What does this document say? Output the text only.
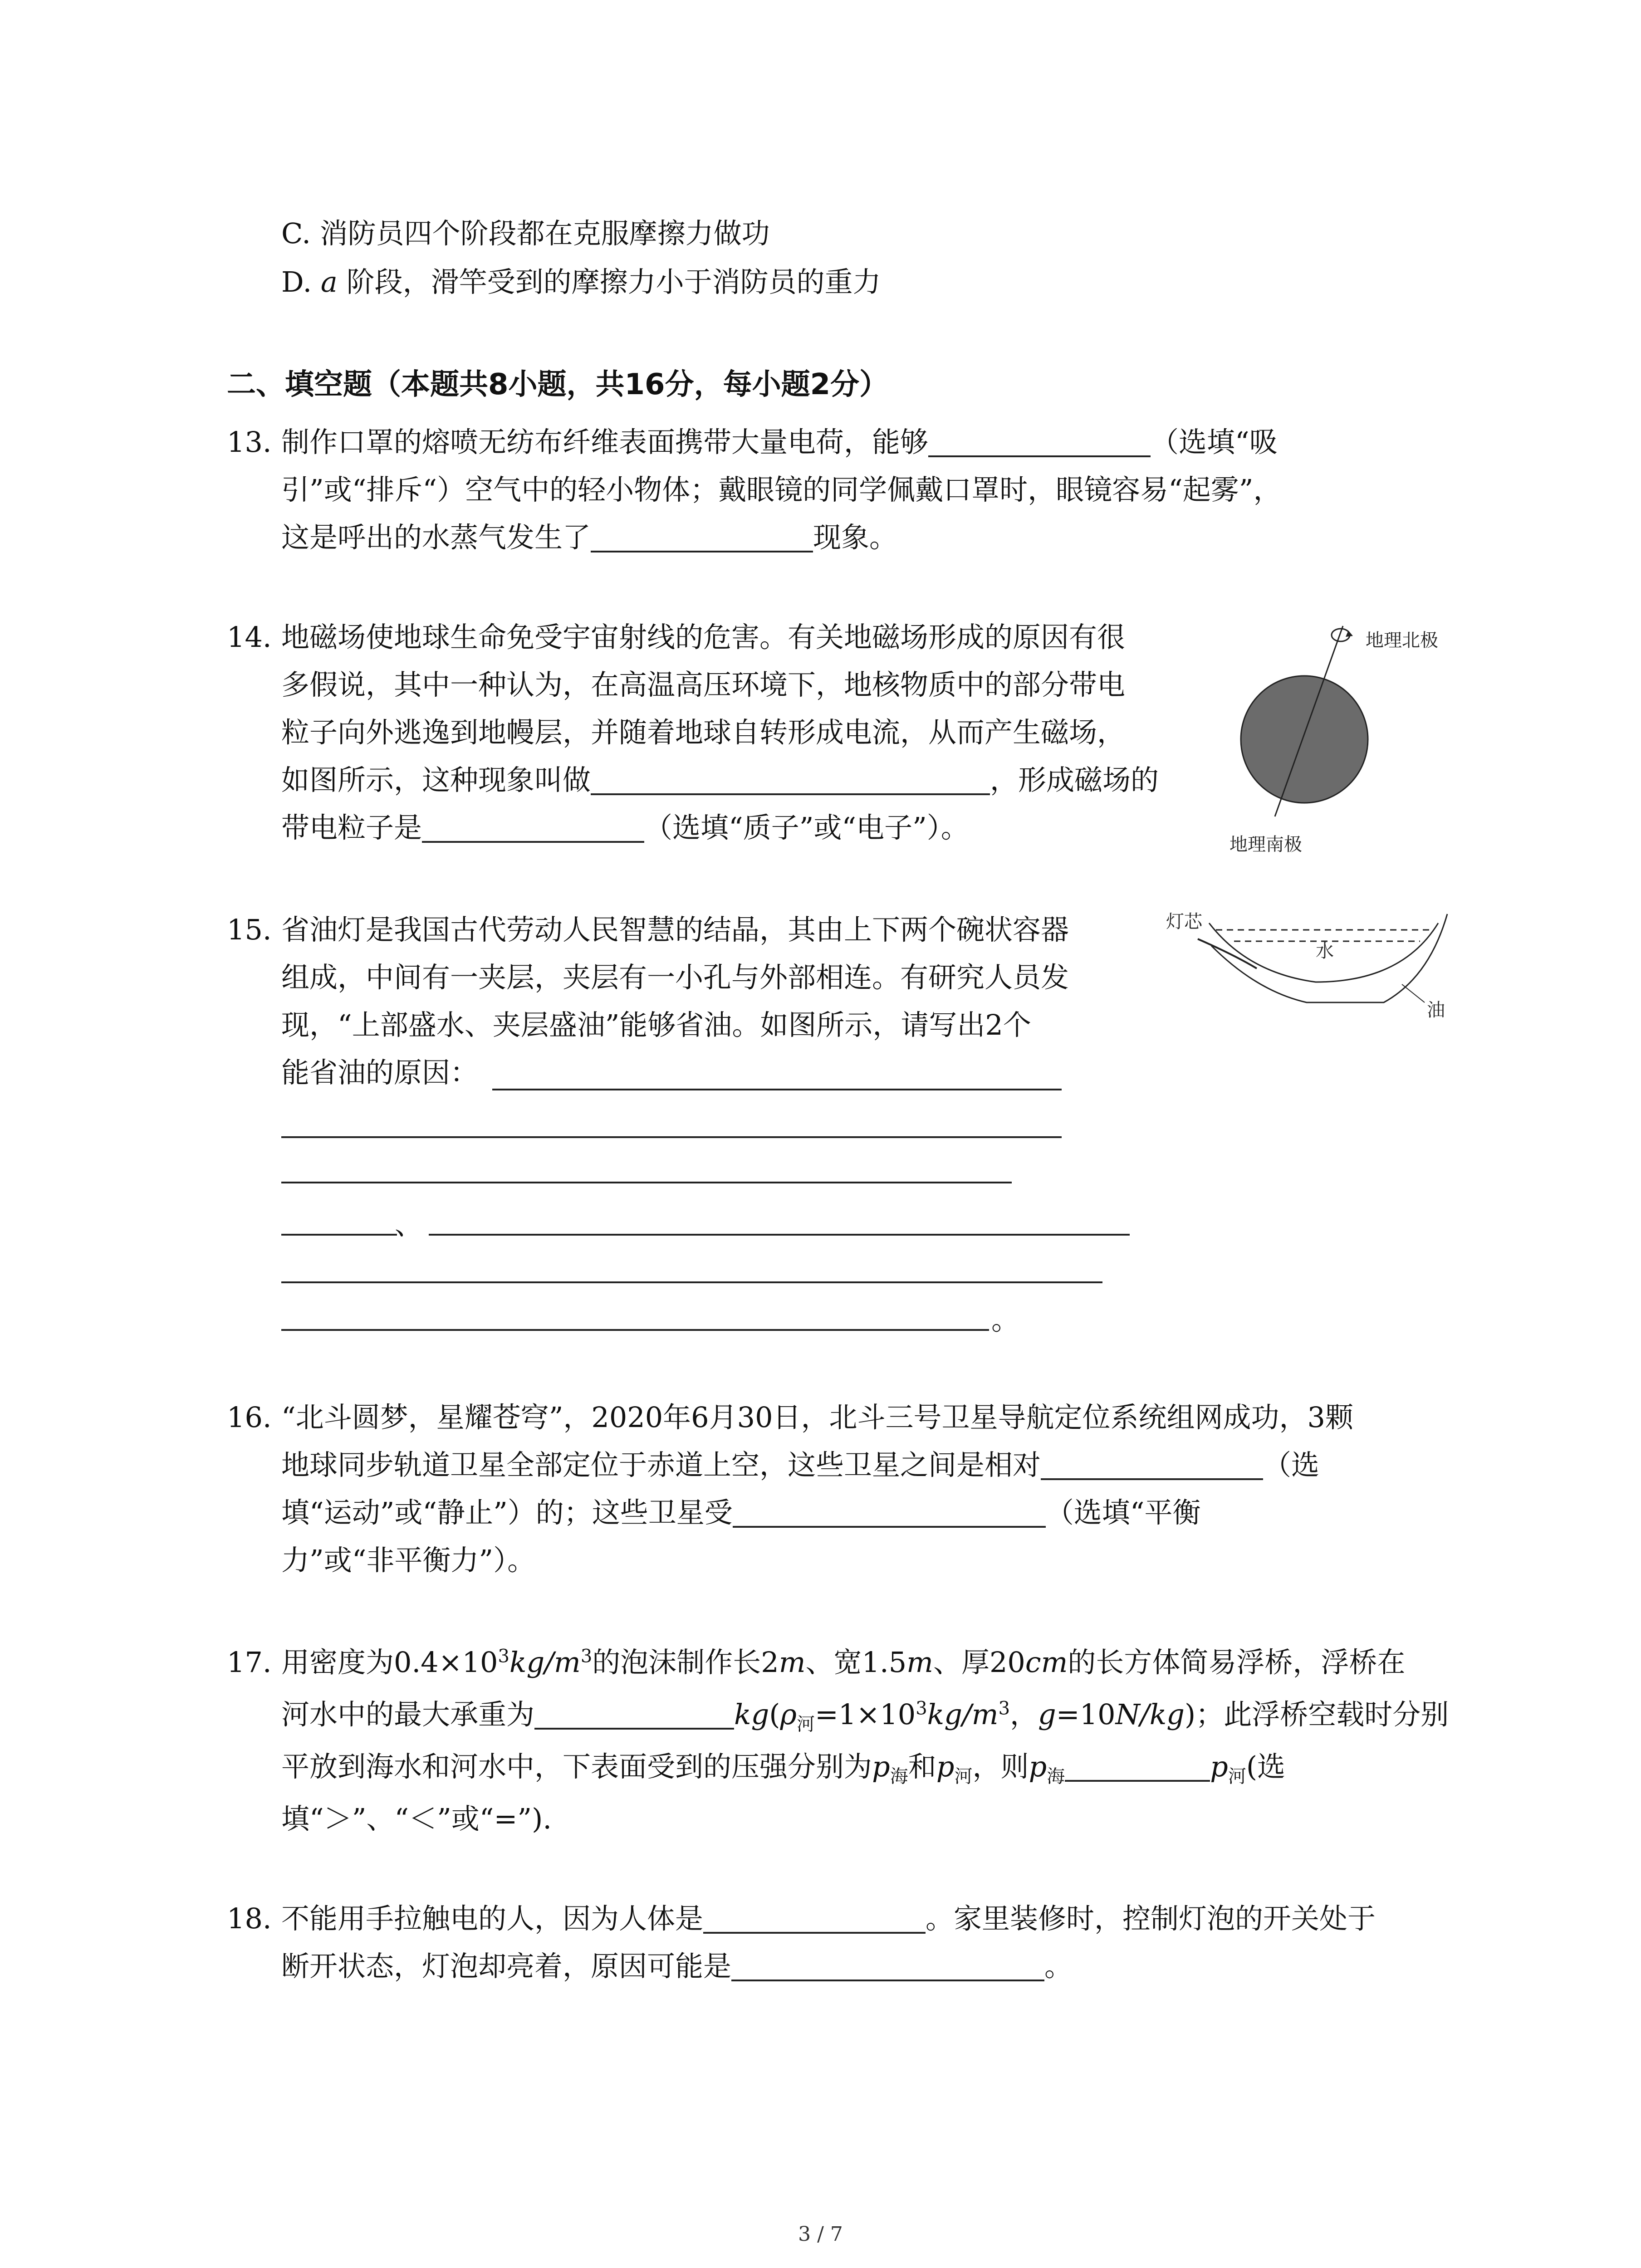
C. 消防员四个阶段都在克服摩擦力做功
D. a 阶段，滑竿受到的摩擦力小于消防员的重力
二、填空题（本题共8小题，共16分，每小题2分）
13. 制作口罩的熔喷无纺布纤维表面携带大量电荷，能够	（选填“吸
引”或“排斥“）空气中的轻小物体；戴眼镜的同学佩戴口罩时，眼镜容易“起雾”，
这是呼出的水蒸气发生了	现象。
14. 地磁场使地球生命免受宇宙射线的危害。有关地磁场形成的原因有很
多假说，其中一种认为，在高温高压环境下，地核物质中的部分带电
粒子向外逃逸到地幔层，并随着地球自转形成电流，从而产生磁场，
如图所示，这种现象叫做	，形成磁场的
带电粒子是	（选填“质子”或“电子”）。
地理北极
地理南极
15. 省油灯是我国古代劳动人民智慧的结晶，其由上下两个碗状容器
组成，中间有一夹层，夹层有一小孔与外部相连。有研究人员发
现，“上部盛水、夹层盛油”能够省油。如图所示，请写出2个
能省油的原因：
、
。
灯芯
水
油
16. “北斗圆梦，星耀苍穹”，2020年6月30日，北斗三号卫星导航定位系统组网成功，3颗
地球同步轨道卫星全部定位于赤道上空，这些卫星之间是相对	（选
填“运动”或“静止”）的；这些卫星受	（选填“平衡
力”或“非平衡力”）。
17. 用密度为$0.4\times 10^3kg/m^3$的泡沫制作长2m、宽1.5m、厚20cm的长方体简易浮桥，浮桥在
河水中的最大承重为	$kg(\rho_河=1\times 10^3kg/m^3$，g=10N/kg)；此浮桥空载时分别
平放到海水和河水中，下表面受到的压强分别为$p_海$和$p_河$，则$p_海$	$p_河$(选
填“＞”、“＜”或“=”).
18. 不能用手拉触电的人，因为人体是	。家里装修时，控制灯泡的开关处于
断开状态，灯泡却亮着，原因可能是	。
3 / 7
